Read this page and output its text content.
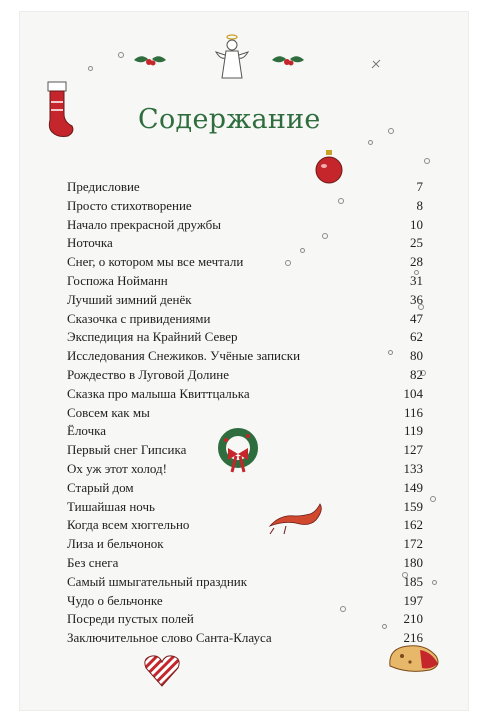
Содержание
Предисловие	7
Просто стихотворение	8
Начало прекрасной дружбы	10
Ноточка	25
Снег, о котором мы все мечтали	28
Госпожа Нойманн	31
Лучший зимний денёк	36
Сказочка с привидениями	47
Экспедиция на Крайний Север	62
Исследования Снежиков. Учёные записки	80
Рождество в Луговой Долине	82
Сказка про малыша Квиттцалька	104
Совсем как мы	116
Ёлочка	119
Первый снег Гипсика	127
Ох уж этот холод!	133
Старый дом	149
Тишайшая ночь	159
Когда всем хюггельно	162
Лиза и бельчонок	172
Без снега	180
Самый шмыгательный праздник	185
Чудо о бельчонке	197
Посреди пустых полей	210
Заключительное слово Санта-Клауса	216
